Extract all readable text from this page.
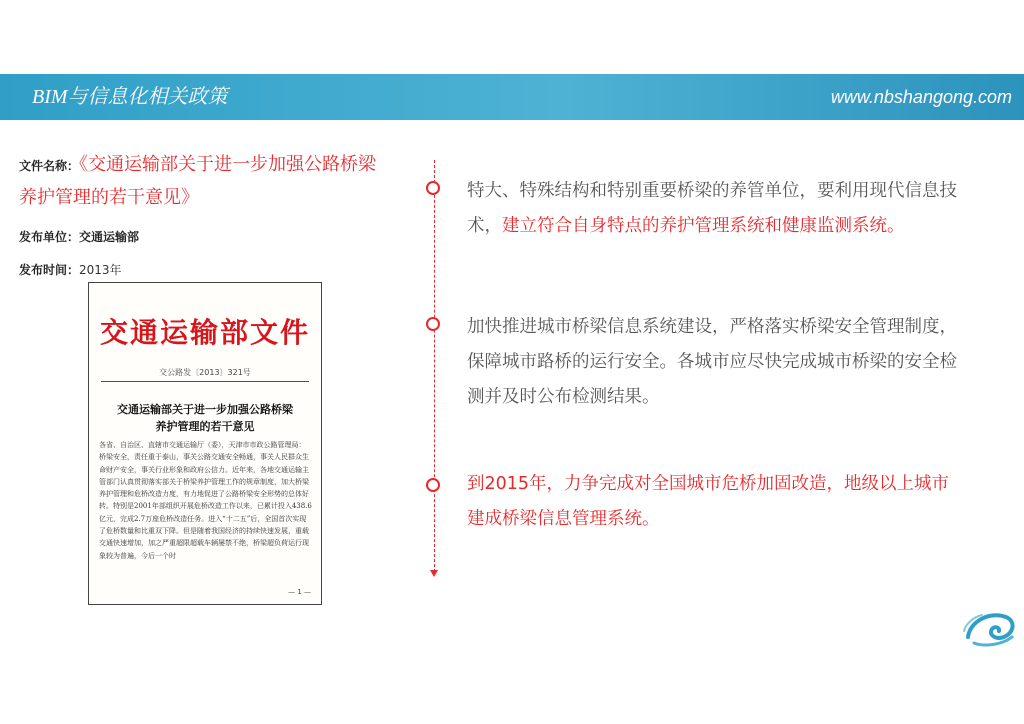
BIM与信息化相关政策	www.nbshangong.com
文件名称：《交通运输部关于进一步加强公路桥梁
养护管理的若干意见》
发布单位：交通运输部
发布时间：2013年
交通运输部文件
交公路发〔2013〕321号
交通运输部关于进一步加强公路桥梁
养护管理的若干意见
各省、自治区、直辖市交通运输厅（委），天津市市政公路管理局：　　桥梁安全，责任重于泰山，事关公路交通安全畅通，事关人民群众生命财产安全，事关行业形象和政府公信力。近年来，各地交通运输主管部门认真贯彻落实部关于桥梁养护管理工作的规章制度，加大桥梁养护管理和危桥改造力度，有力地促进了公路桥梁安全形势的总体好转。特别是2001年部组织开展危桥改造工作以来，已累计投入438.6亿元，完成2.7万座危桥改造任务。进入“十二五”后，全国首次实现了危桥数量和比重双下降。但是随着我国经济的持续快速发展，重载交通快速增加，加之严重超限超载车辆屡禁不绝，桥梁超负荷运行现象较为普遍，今后一个时
— 1 —
特大、特殊结构和特别重要桥梁的养管单位，要利用现代信息技术，建立符合自身特点的养护管理系统和健康监测系统。
加快推进城市桥梁信息系统建设，严格落实桥梁安全管理制度，保障城市路桥的运行安全。各城市应尽快完成城市桥梁的安全检测并及时公布检测结果。
到2015年，力争完成对全国城市危桥加固改造，地级以上城市建成桥梁信息管理系统。
